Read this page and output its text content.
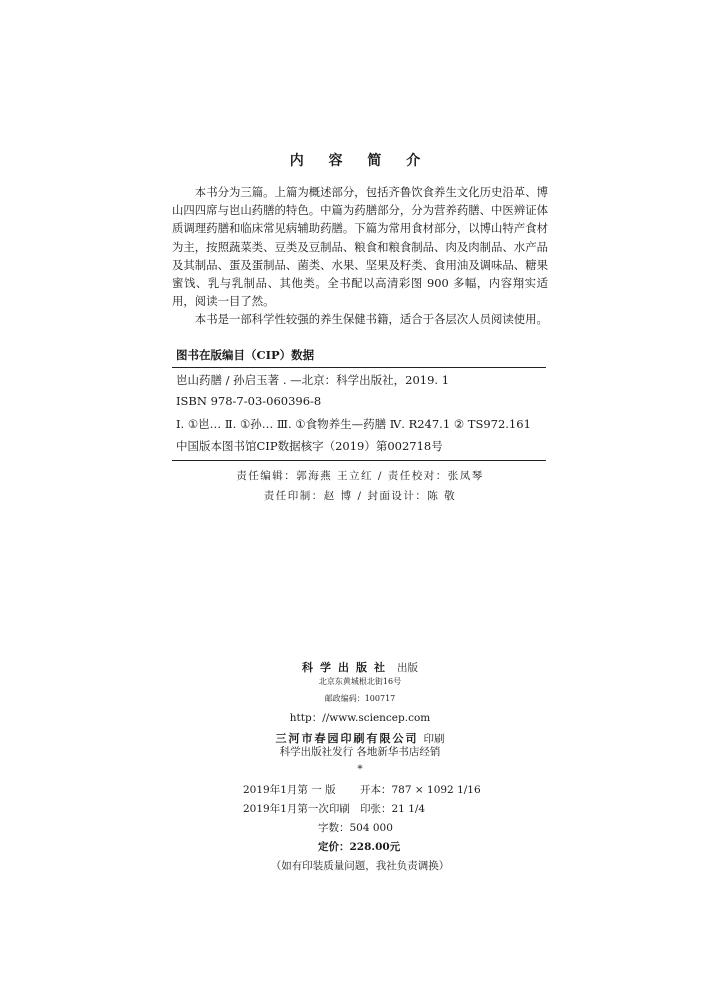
内 容 简 介

本书分为三篇。上篇为概述部分，包括齐鲁饮食养生文化历史沿革、博山四四席与岜山药膳的特色。中篇为药膳部分，分为营养药膳、中医辨证体质调理药膳和临床常见病辅助药膳。下篇为常用食材部分，以博山特产食材为主，按照蔬菜类、豆类及豆制品、粮食和粮食制品、肉及肉制品、水产品及其制品、蛋及蛋制品、菌类、水果、坚果及籽类、食用油及调味品、糖果蜜饯、乳与乳制品、其他类。全书配以高清彩图 900 多幅，内容翔实适用，阅读一目了然。

本书是一部科学性较强的养生保健书籍，适合于各层次人员阅读使用。

图书在版编目（CIP）数据
岜山药膳 / 孙启玉著 . —北京：科学出版社，2019. 1
ISBN 978-7-03-060396-8
Ⅰ. ①岜… Ⅱ. ①孙… Ⅲ. ①食物养生—药膳 Ⅳ. R247.1 ② TS972.161
中国版本图书馆CIP数据核字（2019）第002718号
责任编辑：郭海燕 王立红 / 责任校对：张凤琴
责任印制：赵 博 / 封面设计：陈 敬
科学出版社 出版
北京东黄城根北街16号
邮政编码：100717
http：//www.sciencep.com
三河市春园印刷有限公司 印刷
科学出版社发行 各地新华书店经销
*
2019年1月第 一 版 开本：787 × 1092 1/16
2019年1月第一次印刷 印张：21 1/4
字数：504 000
定价：228.00元
（如有印装质量问题，我社负责调换）
